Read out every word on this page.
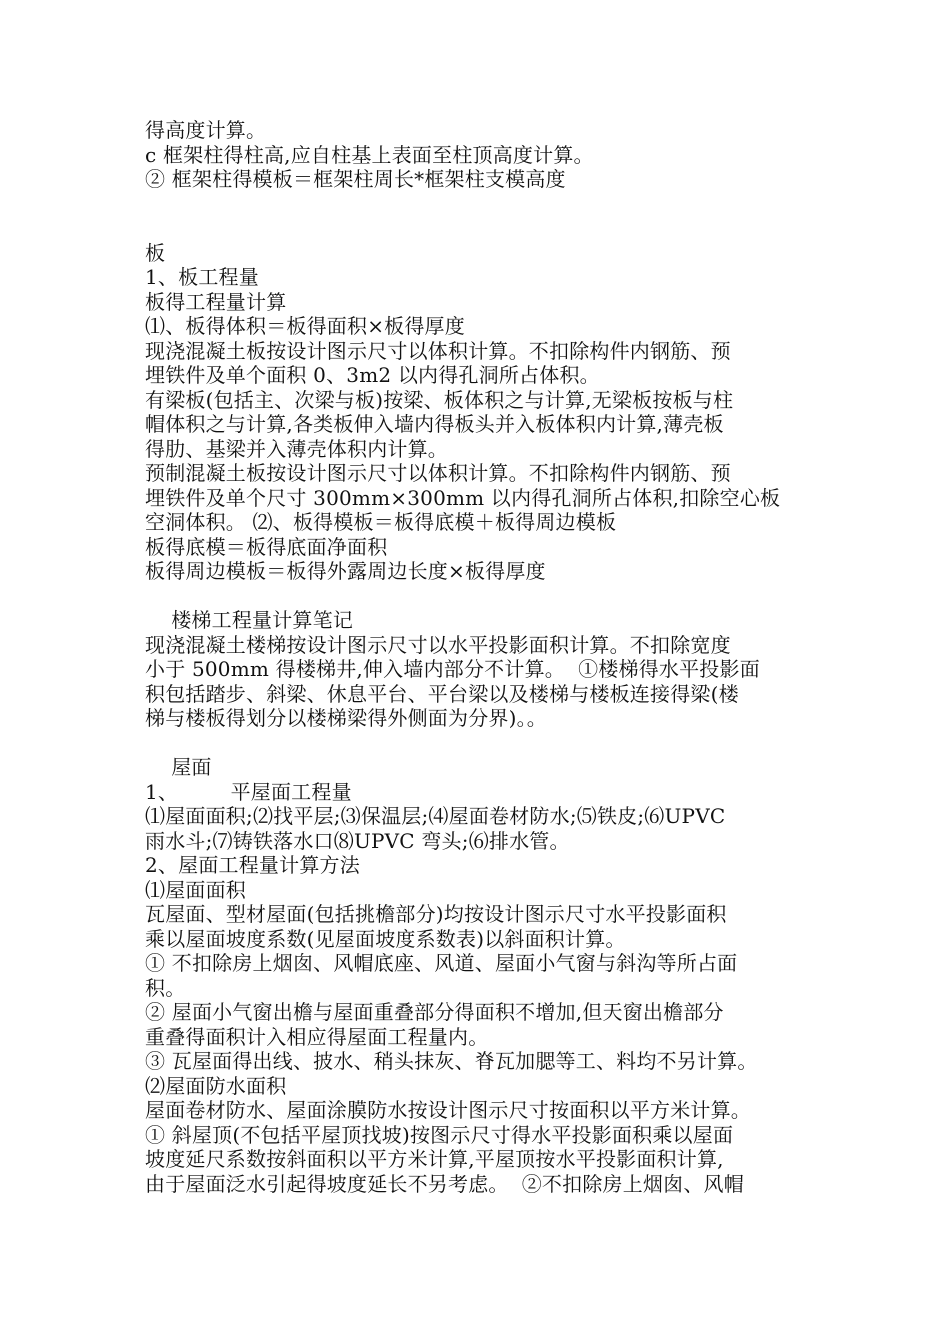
得高度计算。
c 框架柱得柱高,应自柱基上表面至柱顶高度计算。
② 框架柱得模板＝框架柱周长*框架柱支模高度
板
1、板工程量
板得工程量计算
⑴、板得体积＝板得面积×板得厚度
现浇混凝土板按设计图示尺寸以体积计算。不扣除构件内钢筋、预
埋铁件及单个面积 0、3m2 以内得孔洞所占体积。
有梁板(包括主、次梁与板)按梁、板体积之与计算,无梁板按板与柱
帽体积之与计算,各类板伸入墙内得板头并入板体积内计算,薄壳板
得肋、基梁并入薄壳体积内计算。
预制混凝土板按设计图示尺寸以体积计算。不扣除构件内钢筋、预
埋铁件及单个尺寸 300mm×300mm 以内得孔洞所占体积,扣除空心板
空洞体积。 ⑵、板得模板＝板得底模＋板得周边模板
板得底模＝板得底面净面积
板得周边模板＝板得外露周边长度×板得厚度
楼梯工程量计算笔记
现浇混凝土楼梯按设计图示尺寸以水平投影面积计算。不扣除宽度
小于 500mm 得楼梯井,伸入墙内部分不计算。  ①楼梯得水平投影面
积包括踏步、斜梁、休息平台、平台梁以及楼梯与楼板连接得梁(楼
梯与楼板得划分以楼梯梁得外侧面为分界)。。
屋面
1、        平屋面工程量
⑴屋面面积;⑵找平层;⑶保温层;⑷屋面卷材防水;⑸铁皮;⑹UPVC
雨水斗;⑺铸铁落水口⑻UPVC 弯头;⑹排水管。
2、屋面工程量计算方法
⑴屋面面积
瓦屋面、型材屋面(包括挑檐部分)均按设计图示尺寸水平投影面积
乘以屋面坡度系数(见屋面坡度系数表)以斜面积计算。
① 不扣除房上烟囱、风帽底座、风道、屋面小气窗与斜沟等所占面
积。
② 屋面小气窗出檐与屋面重叠部分得面积不增加,但天窗出檐部分
重叠得面积计入相应得屋面工程量内。
③ 瓦屋面得出线、披水、稍头抹灰、脊瓦加腮等工、料均不另计算。
⑵屋面防水面积
屋面卷材防水、屋面涂膜防水按设计图示尺寸按面积以平方米计算。
① 斜屋顶(不包括平屋顶找坡)按图示尺寸得水平投影面积乘以屋面
坡度延尺系数按斜面积以平方米计算,平屋顶按水平投影面积计算,
由于屋面泛水引起得坡度延长不另考虑。  ②不扣除房上烟囱、风帽
